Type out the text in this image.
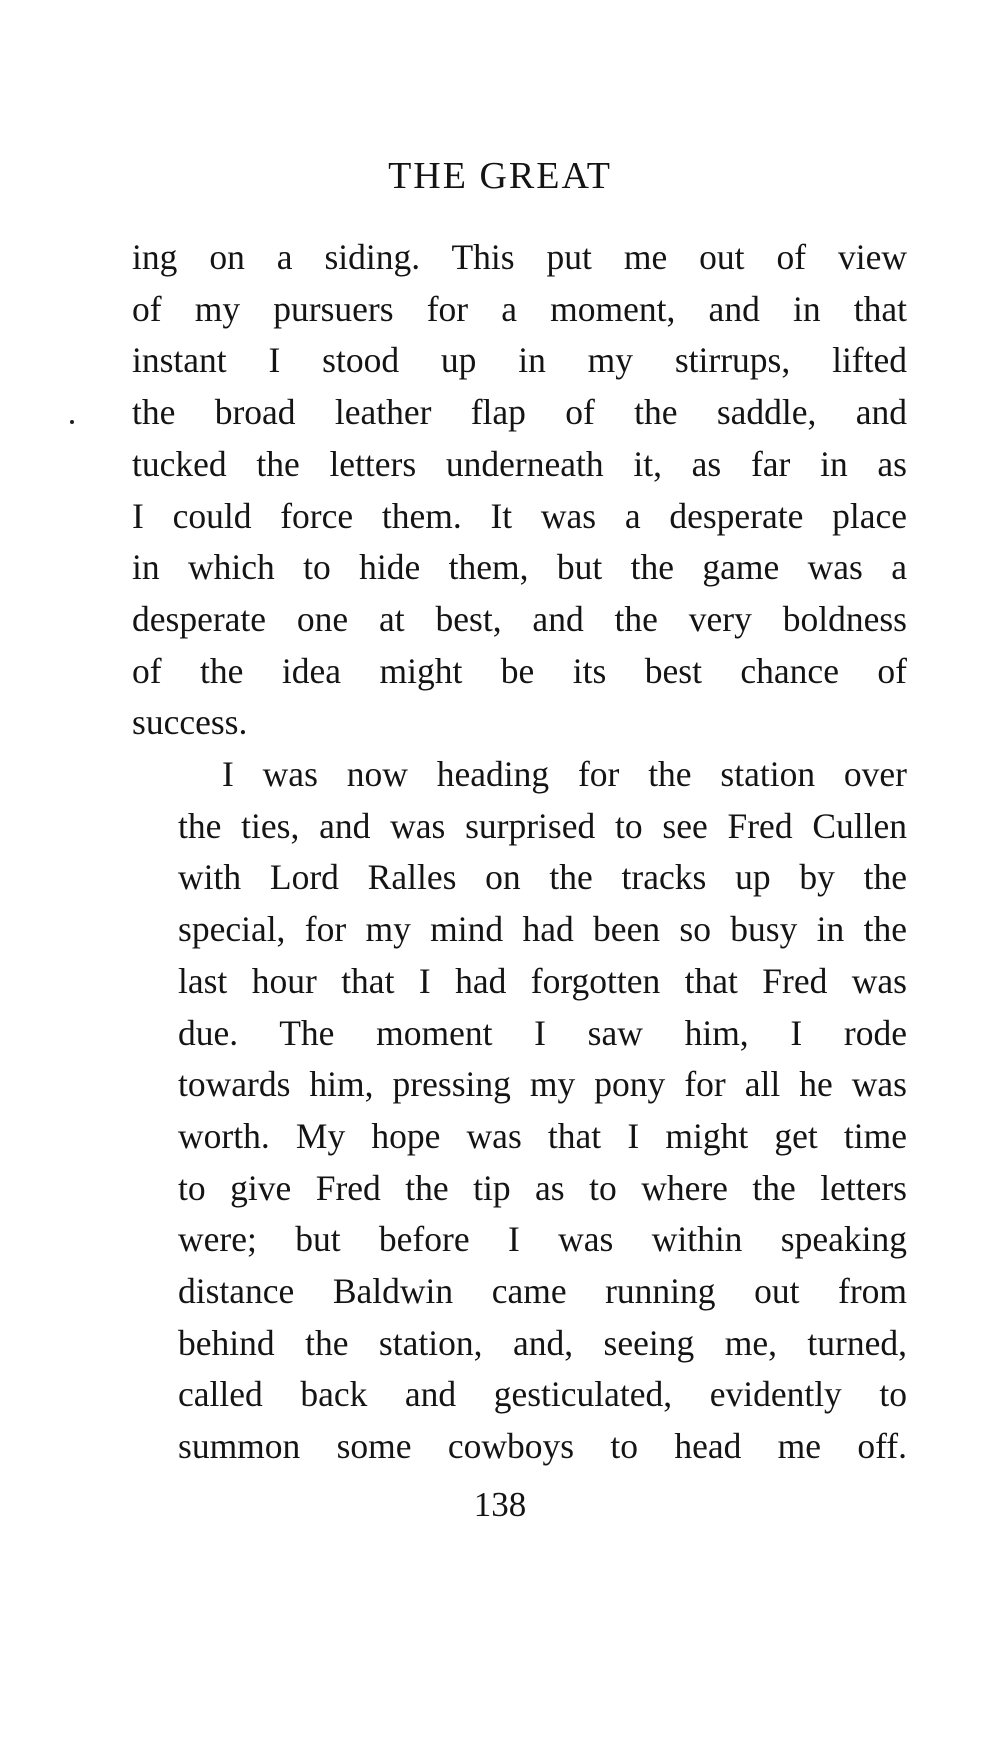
THE GREAT
ing on a siding. This put me out of view
of my pursuers for a moment, and in that
instant I stood up in my stirrups, lifted
the broad leather flap of the saddle, and
tucked the letters underneath it, as far in as
I could force them. It was a desperate place
in which to hide them, but the game was a
desperate one at best, and the very boldness
of the idea might be its best chance of
success.
I was now heading for the station over
the ties, and was surprised to see Fred Cullen
with Lord Ralles on the tracks up by the
special, for my mind had been so busy in the
last hour that I had forgotten that Fred was
due. The moment I saw him, I rode
towards him, pressing my pony for all he was
worth. My hope was that I might get time
to give Fred the tip as to where the letters
were; but before I was within speaking
distance Baldwin came running out from
behind the station, and, seeing me, turned,
called back and gesticulated, evidently to
summon some cowboys to head me off.
138
